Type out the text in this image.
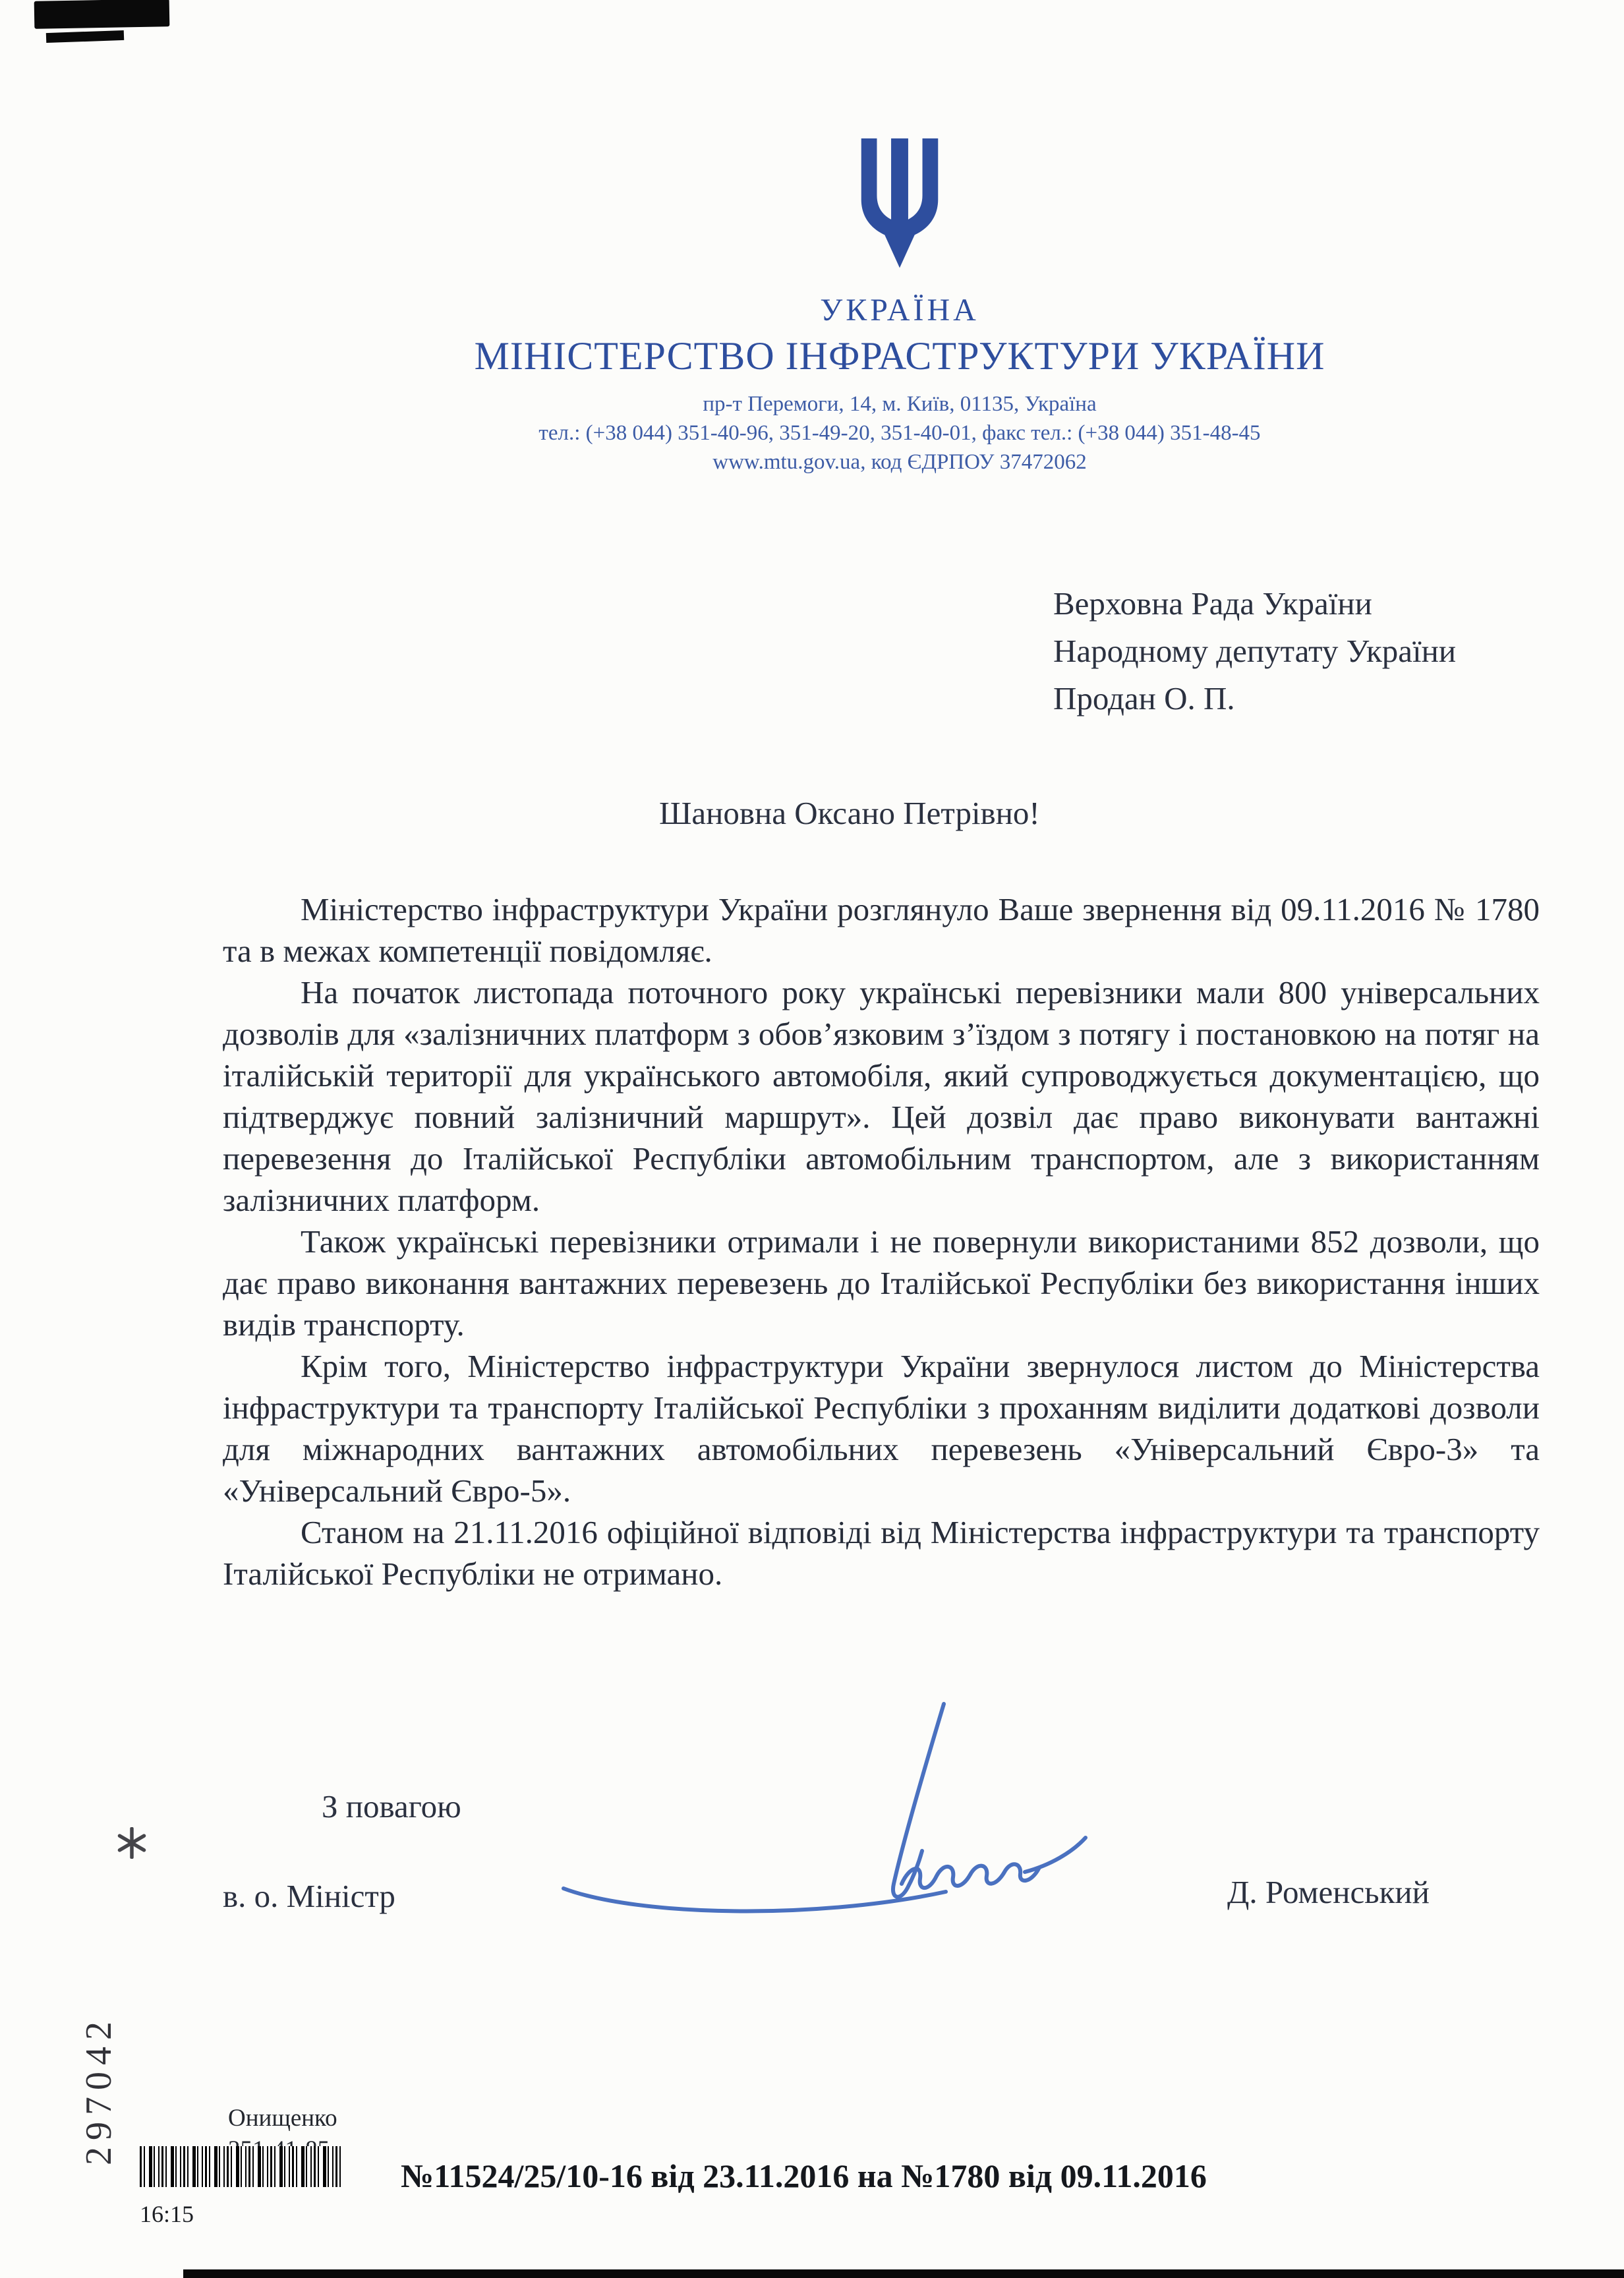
УКРАЇНА
МІНІСТЕРСТВО ІНФРАСТРУКТУРИ УКРАЇНИ
пр-т Перемоги, 14, м. Київ, 01135, Україна
тел.: (+38 044) 351-40-96, 351-49-20, 351-40-01, факс тел.: (+38 044) 351-48-45
www.mtu.gov.ua, код ЄДРПОУ 37472062
Верховна Рада України
Народному депутату України
Продан О. П.
Шановна Оксано Петрівно!

Міністерство інфраструктури України розглянуло Ваше звернення від 09.11.2016 № 1780 та в межах компетенції повідомляє.

На початок листопада поточного року українські перевізники мали 800 універсальних дозволів для «залізничних платформ з обов’язковим з’їздом з потягу і постановкою на потяг на італійській території для українського автомобіля, який супроводжується документацією, що підтверджує повний залізничний маршрут». Цей дозвіл дає право виконувати вантажні перевезення до Італійської Республіки автомобільним транспортом, але з використанням залізничних платформ.

Також українські перевізники отримали і не повернули використаними 852 дозволи, що дає право виконання вантажних перевезень до Італійської Республіки без використання інших видів транспорту.

Крім того, Міністерство інфраструктури України звернулося листом до Міністерства інфраструктури та транспорту Італійської Республіки з проханням виділити додаткові дозволи для міжнародних вантажних автомобільних перевезень «Універсальний Євро-3» та «Універсальний Євро-5».

Станом на 21.11.2016 офіційної відповіді від Міністерства інфраструктури та транспорту Італійської Республіки не отримано.

З повагою
в. о. Міністр	Д. Роменський
297042	Онищенко
№11524/25/10-16 від 23.11.2016 на №1780 від 09.11.2016
16:15
